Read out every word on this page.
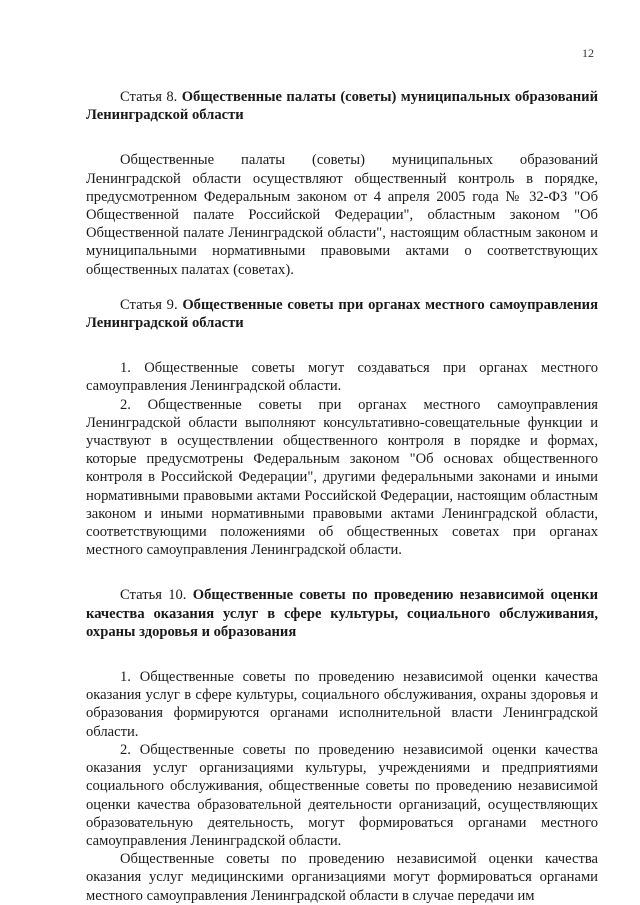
12

Статья 8. Общественные палаты (советы) муниципальных образований Ленинградской области

Общественные палаты (советы) муниципальных образований Ленинградской области осуществляют общественный контроль в порядке, предусмотренном Федеральным законом от 4 апреля 2005 года № 32-ФЗ "Об Общественной палате Российской Федерации", областным законом "Об Общественной палате Ленинградской области", настоящим областным законом и муниципальными нормативными правовыми актами о соответствующих общественных палатах (советах).

Статья 9. Общественные советы при органах местного самоуправления Ленинградской области

1. Общественные советы могут создаваться при органах местного самоуправления Ленинградской области.

2. Общественные советы при органах местного самоуправления Ленинградской области выполняют консультативно-совещательные функции и участвуют в осуществлении общественного контроля в порядке и формах, которые предусмотрены Федеральным законом "Об основах общественного контроля в Российской Федерации", другими федеральными законами и иными нормативными правовыми актами Российской Федерации, настоящим областным законом и иными нормативными правовыми актами Ленинградской области, соответствующими положениями об общественных советах при органах местного самоуправления Ленинградской области.

Статья 10. Общественные советы по проведению независимой оценки качества оказания услуг в сфере культуры, социального обслуживания, охраны здоровья и образования

1. Общественные советы по проведению независимой оценки качества оказания услуг в сфере культуры, социального обслуживания, охраны здоровья и образования формируются органами исполнительной власти Ленинградской области.

2. Общественные советы по проведению независимой оценки качества оказания услуг организациями культуры, учреждениями и предприятиями социального обслуживания, общественные советы по проведению независимой оценки качества образовательной деятельности организаций, осуществляющих образовательную деятельность, могут формироваться органами местного самоуправления Ленинградской области.

Общественные советы по проведению независимой оценки качества оказания услуг медицинскими организациями могут формироваться органами местного самоуправления Ленинградской области в случае передачи им
